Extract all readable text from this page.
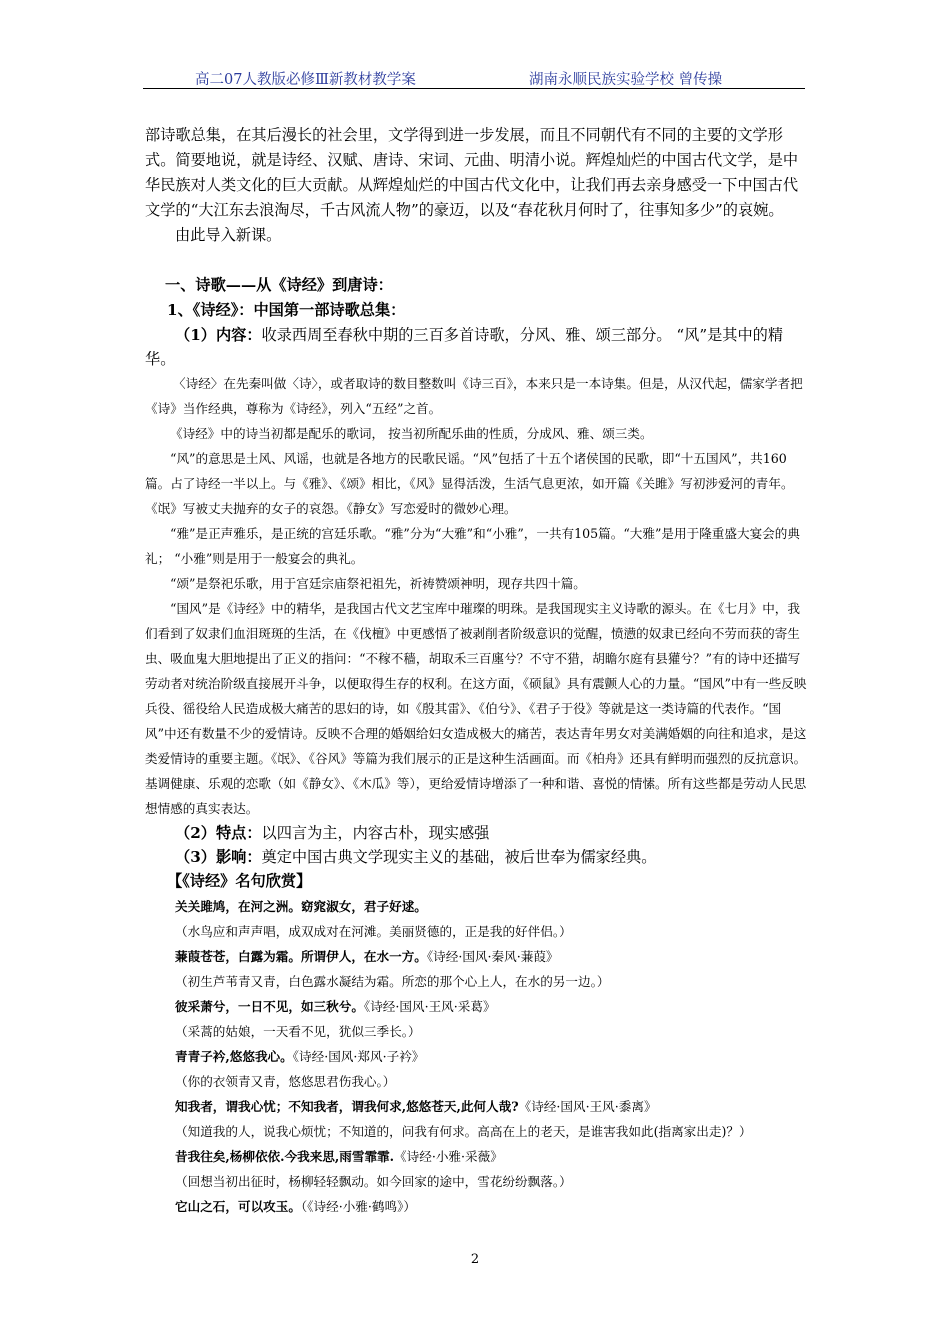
高二07人教版必修Ⅲ新教材教学案	湖南永顺民族实验学校 曾传操

部诗歌总集，在其后漫长的社会里，文学得到进一步发展，而且不同朝代有不同的主要的文学形式。简要地说，就是诗经、汉赋、唐诗、宋词、元曲、明清小说。辉煌灿烂的中国古代文学，是中华民族对人类文化的巨大贡献。从辉煌灿烂的中国古代文化中，让我们再去亲身感受一下中国古代文学的“大江东去浪淘尽，千古风流人物”的豪迈，以及“春花秋月何时了，往事知多少”的哀婉。

由此导入新课。

一、诗歌——从《诗经》到唐诗：

1、《诗经》：中国第一部诗歌总集：

（1）内容：收录西周至春秋中期的三百多首诗歌，分风、雅、颂三部分。 “风”是其中的精华。

〈诗经〉在先秦叫做〈诗〉，或者取诗的数目整数叫《诗三百》，本来只是一本诗集。但是，从汉代起，儒家学者把《诗》当作经典，尊称为《诗经》，列入“五经”之首。

《诗经》中的诗当初都是配乐的歌词， 按当初所配乐曲的性质，分成风、雅、颂三类。

“风”的意思是土风、风谣，也就是各地方的民歌民谣。“风”包括了十五个诸侯国的民歌，即“十五国风”，共160篇。占了诗经一半以上。与《雅》、《颂》相比，《风》显得活泼，生活气息更浓，如开篇《关雎》写初涉爱河的青年。《氓》写被丈夫抛弃的女子的哀怨。《静女》写恋爱时的微妙心理。

“雅”是正声雅乐，是正统的宫廷乐歌。“雅”分为“大雅”和“小雅”，一共有105篇。“大雅”是用于隆重盛大宴会的典礼； “小雅”则是用于一般宴会的典礼。

“颂”是祭祀乐歌，用于宫廷宗庙祭祀祖先，祈祷赞颂神明，现存共四十篇。

“国风”是《诗经》中的精华，是我国古代文艺宝库中璀璨的明珠。是我国现实主义诗歌的源头。在《七月》中，我们看到了奴隶们血泪斑斑的生活，在《伐檀》中更感悟了被剥削者阶级意识的觉醒，愤懑的奴隶已经向不劳而获的寄生虫、吸血鬼大胆地提出了正义的指问：“不稼不穑，胡取禾三百廛兮？不守不猎，胡瞻尔庭有县獾兮？”有的诗中还描写劳动者对统治阶级直接展开斗争，以便取得生存的权利。在这方面，《硕鼠》具有震颤人心的力量。“国风”中有一些反映兵役、徭役给人民造成极大痛苦的思妇的诗，如《殷其雷》、《伯兮》、《君子于役》等就是这一类诗篇的代表作。“国风”中还有数量不少的爱情诗。反映不合理的婚姻给妇女造成极大的痛苦，表达青年男女对美满婚姻的向往和追求，是这类爱情诗的重要主题。《氓》、《谷风》等篇为我们展示的正是这种生活画面。而《柏舟》还具有鲜明而强烈的反抗意识。基调健康、乐观的恋歌（如《静女》、《木瓜》等），更给爱情诗增添了一种和谐、喜悦的情愫。所有这些都是劳动人民思想情感的真实表达。

（2）特点：以四言为主，内容古朴，现实感强

（3）影响：奠定中国古典文学现实主义的基础，被后世奉为儒家经典。

【《诗经》名句欣赏】

关关雎鸠，在河之洲。窈窕淑女，君子好逑。

（水鸟应和声声唱，成双成对在河滩。美丽贤德的，正是我的好伴侣。）

蒹葭苍苍，白露为霜。所谓伊人，在水一方。《诗经·国风·秦风·蒹葭》

（初生芦苇青又青，白色露水凝结为霜。所恋的那个心上人，在水的另一边。）

彼采萧兮，一日不见，如三秋兮。《诗经·国风·王风·采葛》

（采蒿的姑娘，一天看不见，犹似三季长。）

青青子衿,悠悠我心。《诗经·国风·郑风·子衿》

（你的衣领青又青，悠悠思君伤我心。）

知我者，谓我心忧；不知我者，谓我何求,悠悠苍天,此何人哉?《诗经·国风·王风·黍离》

（知道我的人，说我心烦忧；不知道的，问我有何求。高高在上的老天，是谁害我如此(指离家出走)？）

昔我往矣,杨柳依依.今我来思,雨雪霏霏.《诗经·小雅·采薇》

（回想当初出征时，杨柳轻轻飘动。如今回家的途中，雪花纷纷飘落。）

它山之石，可以攻玉。（《诗经·小雅·鹤鸣》）

2
